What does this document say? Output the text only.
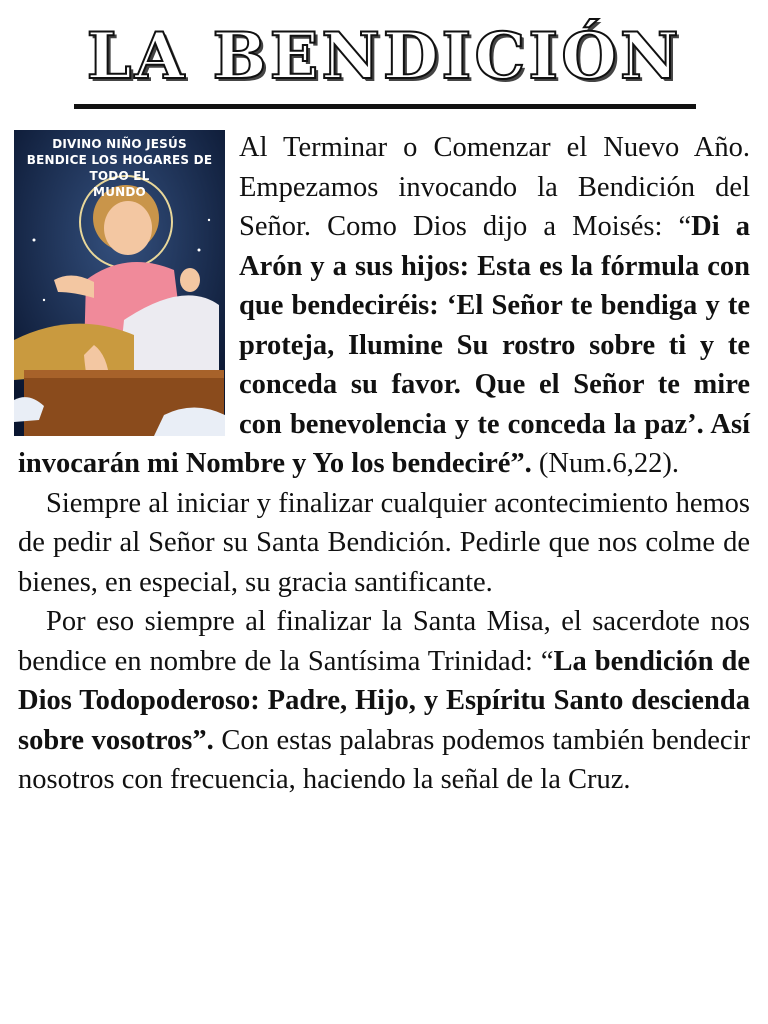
LA BENDICIÓN
DIVINO NIÑO JESÚS
BENDICE LOS HOGARES DE TODO EL
MUNDO

Al Terminar o Comenzar el Nuevo Año. Empezamos invocando la Bendición del Señor. Como Dios dijo a Moisés: “Di a Arón y a sus hijos: Esta es la fórmula con que bendeciréis: ‘El Señor te bendiga y te proteja, Ilumine Su rostro sobre ti y te conceda su favor. Que el Señor te mire con benevolencia y te conceda la paz’. Así invocarán mi Nombre y Yo los bendeciré”. (Num.6,22).

Siempre al iniciar y finalizar cualquier acontecimiento hemos de pedir al Señor su Santa Bendición. Pedirle que nos colme de bienes, en especial, su gracia santificante.

Por eso siempre al finalizar la Santa Misa, el sacerdote nos bendice en nombre de la Santísima Trinidad: “La bendición de Dios Todopoderoso: Padre, Hijo, y Espíritu Santo descienda sobre vosotros”. Con estas palabras podemos también bendecir nosotros con frecuencia, haciendo la señal de la Cruz.
